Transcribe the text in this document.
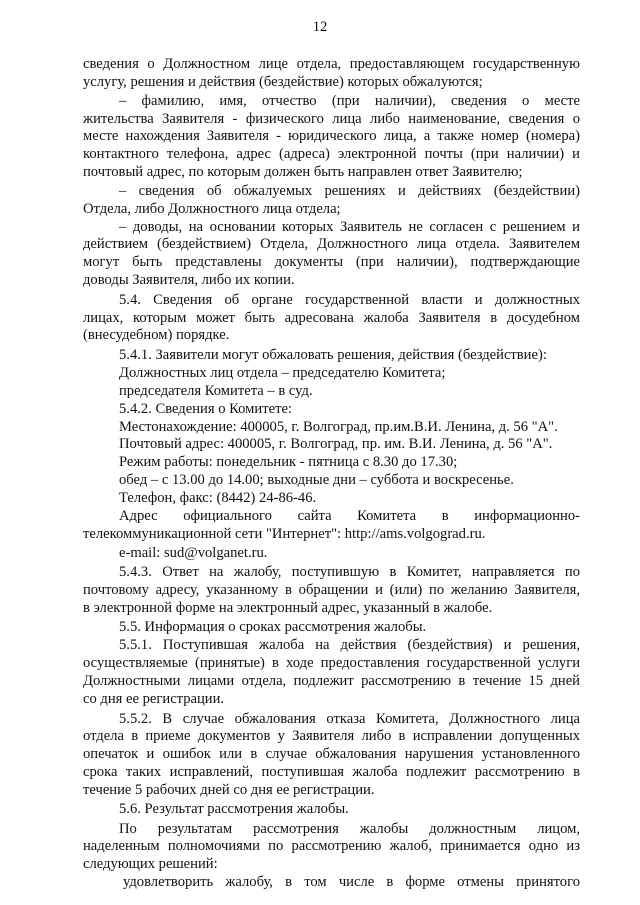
12
сведения о Должностном лице отдела, предоставляющем государственную
услугу, решения и действия (бездействие) которых обжалуются;
– фамилию, имя, отчество (при наличии), сведения о месте
жительства Заявителя - физического лица либо наименование, сведения о
месте нахождения Заявителя - юридического лица, а также номер (номера)
контактного телефона, адрес (адреса) электронной почты (при наличии) и
почтовый адрес, по которым должен быть направлен ответ Заявителю;
– сведения об обжалуемых решениях и действиях (бездействии)
Отдела, либо Должностного лица отдела;
– доводы, на основании которых Заявитель не согласен с решением и
действием (бездействием) Отдела, Должностного лица отдела. Заявителем
могут быть представлены документы (при наличии), подтверждающие
доводы Заявителя, либо их копии.
5.4. Сведения об органе государственной власти и должностных
лицах, которым может быть адресована жалоба Заявителя в досудебном
(внесудебном) порядке.
5.4.1. Заявители могут обжаловать решения, действия (бездействие):
Должностных лиц отдела – председателю Комитета;
председателя Комитета – в суд.
5.4.2. Сведения о Комитете:
Местонахождение: 400005, г. Волгоград, пр.им.В.И. Ленина, д. 56 "А".
Почтовый адрес: 400005, г. Волгоград, пр. им. В.И. Ленина, д. 56 "А".
Режим работы: понедельник - пятница с 8.30 до 17.30;
обед – с 13.00 до 14.00; выходные дни – суббота и воскресенье.
Телефон, факс: (8442) 24-86-46.
Адрес официального сайта Комитета в информационно-
телекоммуникационной сети "Интернет": http://ams.volgograd.ru.
e-mail: sud@volganet.ru.
5.4.3. Ответ на жалобу, поступившую в Комитет, направляется по
почтовому адресу, указанному в обращении и (или) по желанию Заявителя,
в электронной форме на электронный адрес, указанный в жалобе.
5.5. Информация о сроках рассмотрения жалобы.
5.5.1. Поступившая жалоба на действия (бездействия) и решения,
осуществляемые (принятые) в ходе предоставления государственной услуги
Должностными лицами отдела, подлежит рассмотрению в течение 15 дней
со дня ее регистрации.
5.5.2. В случае обжалования отказа Комитета, Должностного лица
отдела в приеме документов у Заявителя либо в исправлении допущенных
опечаток и ошибок или в случае обжалования нарушения установленного
срока таких исправлений, поступившая жалоба подлежит рассмотрению в
течение 5 рабочих дней со дня ее регистрации.
5.6. Результат рассмотрения жалобы.
По результатам рассмотрения жалобы должностным лицом,
наделенным полномочиями по рассмотрению жалоб, принимается одно из
следующих решений:
удовлетворить жалобу, в том числе в форме отмены принятого
